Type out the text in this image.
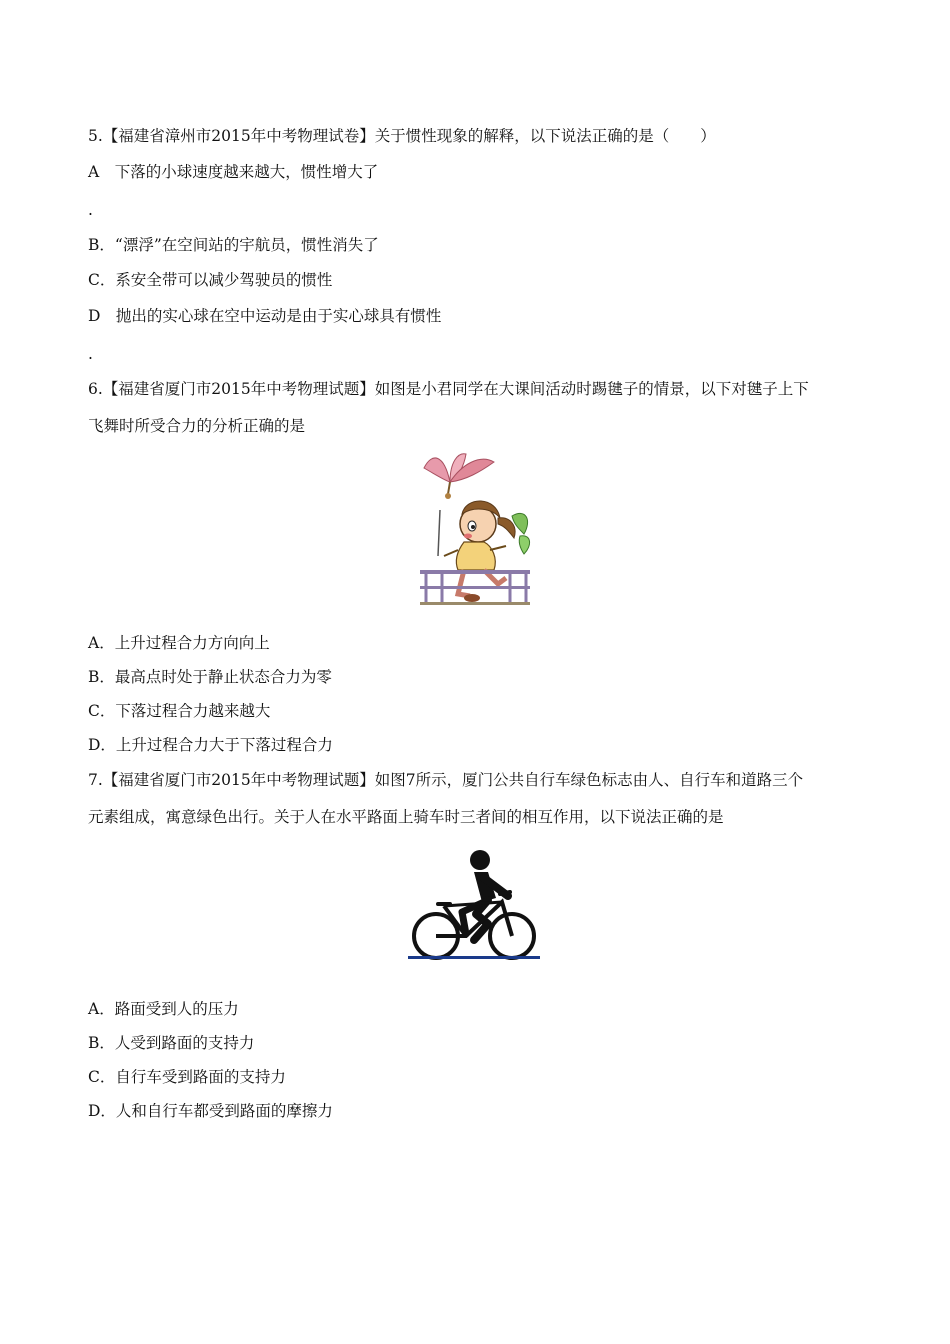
5.【福建省漳州市2015年中考物理试卷】关于惯性现象的解释，以下说法正确的是（　　）
A　下落的小球速度越来越大，惯性增大了
.
B．“漂浮”在空间站的宇航员，惯性消失了
C．系安全带可以减少驾驶员的惯性
D　抛出的实心球在空中运动是由于实心球具有惯性
.
6.【福建省厦门市2015年中考物理试题】如图是小君同学在大课间活动时踢毽子的情景，以下对毽子上下
飞舞时所受合力的分析正确的是
A．上升过程合力方向向上
B．最高点时处于静止状态合力为零
C．下落过程合力越来越大
D．上升过程合力大于下落过程合力
7.【福建省厦门市2015年中考物理试题】如图7所示，厦门公共自行车绿色标志由人、自行车和道路三个
元素组成，寓意绿色出行。关于人在水平路面上骑车时三者间的相互作用，以下说法正确的是
A．路面受到人的压力
B．人受到路面的支持力
C．自行车受到路面的支持力
D．人和自行车都受到路面的摩擦力
